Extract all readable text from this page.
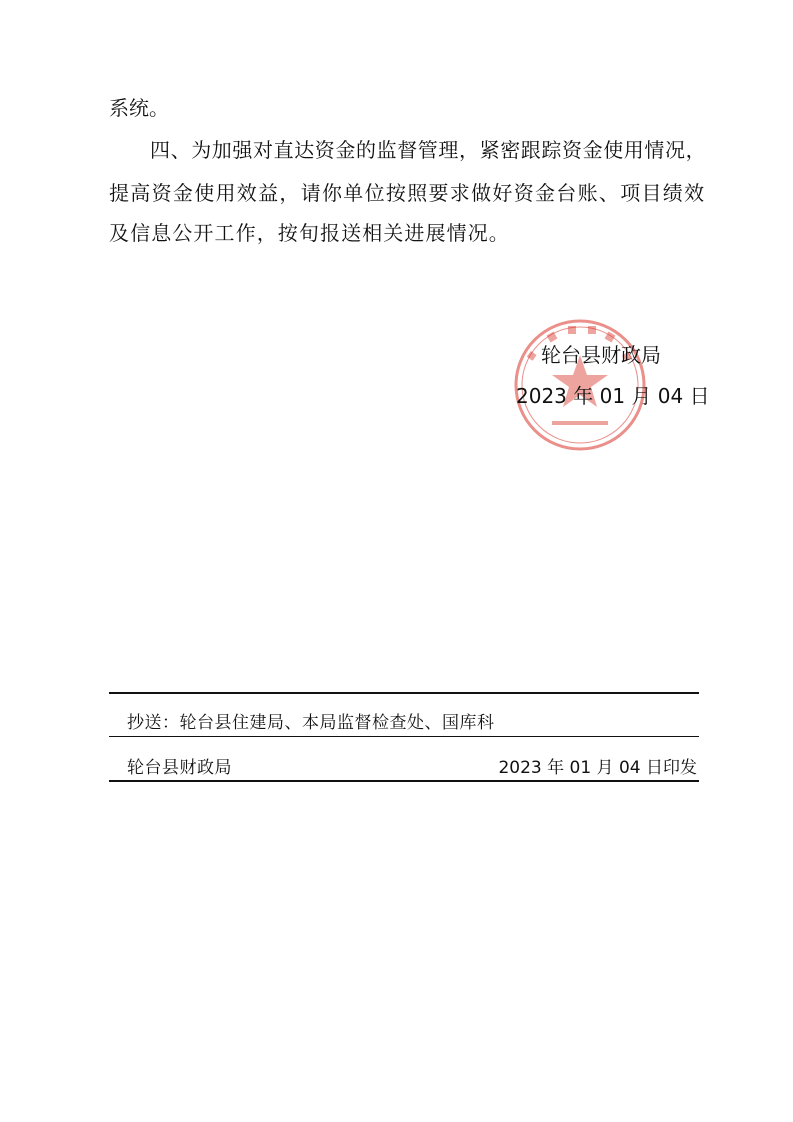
系统。

四、为加强对直达资金的监督管理，紧密跟踪资金使用情况，

提高资金使用效益，请你单位按照要求做好资金台账、项目绩效

及信息公开工作，按旬报送相关进展情况。

轮台县财政局
2023 年 01 月 04 日
抄送：轮台县住建局、本局监督检查处、国库科
轮台县财政局	2023 年 01 月 04 日印发
